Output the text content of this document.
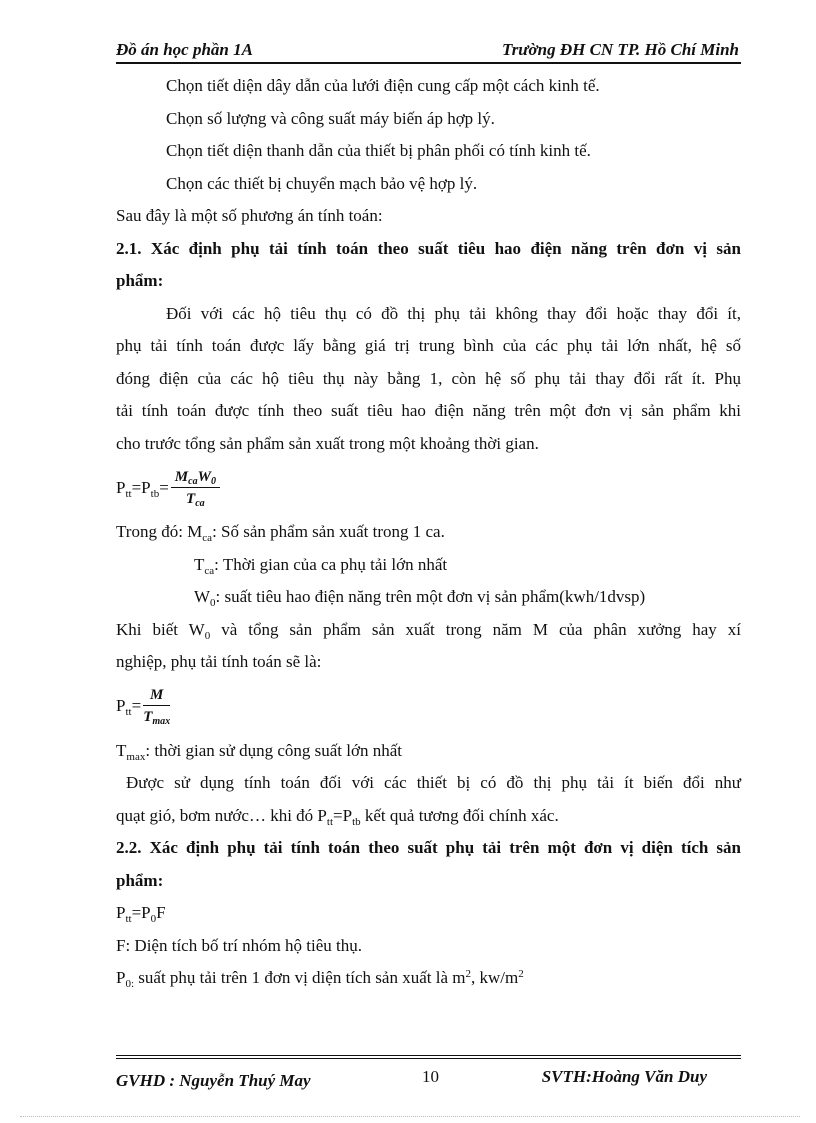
Đồ án học phần 1A	Trường ĐH CN TP. Hồ Chí Minh

Chọn tiết diện dây dẫn của lưới điện cung cấp một cách kinh tế.

Chọn số lượng và công suất máy biến áp hợp lý.

Chọn tiết diện thanh dẫn của thiết bị phân phối có tính kinh tế.

Chọn các thiết bị chuyển mạch bảo vệ hợp lý.

Sau đây là một số phương án tính toán:

2.1. Xác định phụ tải tính toán theo suất tiêu hao điện năng trên đơn vị sản

phẩm:

Đối với các hộ tiêu thụ có đồ thị phụ tải không thay đổi hoặc thay đổi ít,

phụ tải tính toán được lấy bằng giá trị trung bình của các phụ tải lớn nhất, hệ số

đóng điện của các hộ tiêu thụ này bằng 1, còn hệ số phụ tải thay đổi rất ít. Phụ

tải tính toán được tính theo suất tiêu hao điện năng trên một đơn vị sản phẩm khi

cho trước tổng sản phẩm sản xuất trong một khoảng thời gian.

$P_{tt}=P_{tb}= \frac{M_{ca}W_0}{T_{ca}}$

Trong đó: $M_{ca}$: Số sản phẩm sản xuất trong 1 ca.

$T_{ca}$: Thời gian của ca phụ tải lớn nhất

$W_0$: suất tiêu hao điện năng trên một đơn vị sản phẩm(kwh/1dvsp)

Khi biết $W_0$ và tổng sản phẩm sản xuất trong năm M của phân xưởng hay xí

nghiệp, phụ tải tính toán sẽ là:

$P_{tt}= \frac{M}{T_{max}}$

$T_{max}$: thời gian sử dụng công suất lớn nhất

Được sử dụng tính toán đối với các thiết bị có đồ thị phụ tải ít biến đổi như

quạt gió, bơm nước… khi đó $P_{tt}=P_{tb}$ kết quả tương đối chính xác.

2.2. Xác định phụ tải tính toán theo suất phụ tải trên một đơn vị diện tích sản

phẩm:

$P_{tt}=P_0F$

F: Diện tích bố trí nhóm hộ tiêu thụ.

$P_{0:}$ suất phụ tải trên 1 đơn vị diện tích sản xuất là $m^2$, $kw/m^2$

GVHD : Nguyễn Thuý May	10	SVTH:Hoàng Văn Duy
